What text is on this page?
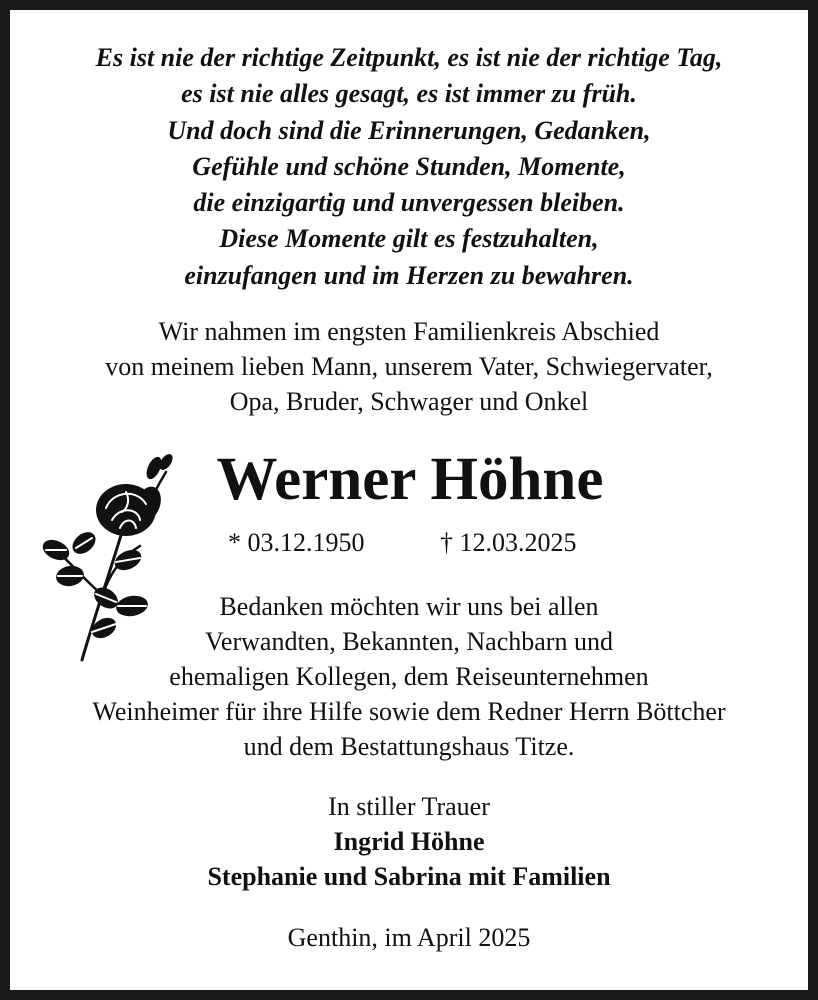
Es ist nie der richtige Zeitpunkt, es ist nie der richtige Tag,
es ist nie alles gesagt, es ist immer zu früh.
Und doch sind die Erinnerungen, Gedanken,
Gefühle und schöne Stunden, Momente,
die einzigartig und unvergessen bleiben.
Diese Momente gilt es festzuhalten,
einzufangen und im Herzen zu bewahren.
Wir nahmen im engsten Familienkreis Abschied
von meinem lieben Mann, unserem Vater, Schwiegervater,
Opa, Bruder, Schwager und Onkel
Werner Höhne
* 03.12.1950	† 12.03.2025
Bedanken möchten wir uns bei allen
Verwandten, Bekannten, Nachbarn und
ehemaligen Kollegen, dem Reiseunternehmen
Weinheimer für ihre Hilfe sowie dem Redner Herrn Böttcher
und dem Bestattungshaus Titze.
In stiller Trauer
Ingrid Höhne
Stephanie und Sabrina mit Familien
Genthin, im April 2025
